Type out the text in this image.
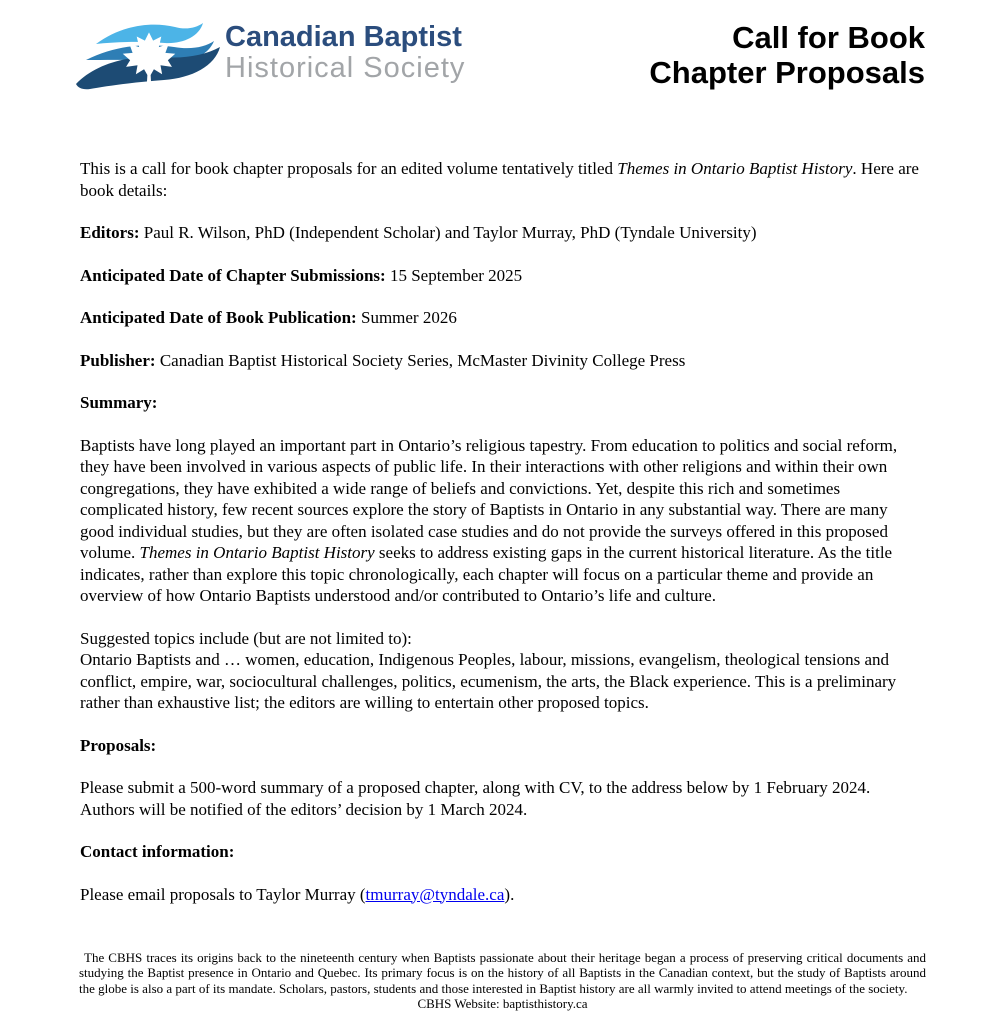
Canadian Baptist
Historical Society
Call for Book
Chapter Proposals

This is a call for book chapter proposals for an edited volume tentatively titled Themes in Ontario Baptist History. Here are book details:

Editors: Paul R. Wilson, PhD (Independent Scholar) and Taylor Murray, PhD (Tyndale University)

Anticipated Date of Chapter Submissions: 15 September 2025

Anticipated Date of Book Publication: Summer 2026

Publisher: Canadian Baptist Historical Society Series, McMaster Divinity College Press

Summary:

Baptists have long played an important part in Ontario’s religious tapestry. From education to politics and social reform, they have been involved in various aspects of public life. In their interactions with other religions and within their own congregations, they have exhibited a wide range of beliefs and convictions. Yet, despite this rich and sometimes complicated history, few recent sources explore the story of Baptists in Ontario in any substantial way. There are many good individual studies, but they are often isolated case studies and do not provide the surveys offered in this proposed volume. Themes in Ontario Baptist History seeks to address existing gaps in the current historical literature. As the title indicates, rather than explore this topic chronologically, each chapter will focus on a particular theme and provide an overview of how Ontario Baptists understood and/or contributed to Ontario’s life and culture.

Suggested topics include (but are not limited to):
Ontario Baptists and … women, education, Indigenous Peoples, labour, missions, evangelism, theological tensions and conflict, empire, war, sociocultural challenges, politics, ecumenism, the arts, the Black experience. This is a preliminary rather than exhaustive list; the editors are willing to entertain other proposed topics.

Proposals:

Please submit a 500-word summary of a proposed chapter, along with CV, to the address below by 1 February 2024. Authors will be notified of the editors’ decision by 1 March 2024.

Contact information:

Please email proposals to Taylor Murray (tmurray@tyndale.ca).

The CBHS traces its origins back to the nineteenth century when Baptists passionate about their heritage began a process of preserving critical documents and studying the Baptist presence in Ontario and Quebec. Its primary focus is on the history of all Baptists in the Canadian context, but the study of Baptists around the globe is also a part of its mandate. Scholars, pastors, students and those interested in Baptist history are all warmly invited to attend meetings of the society.
CBHS Website: baptisthistory.ca
